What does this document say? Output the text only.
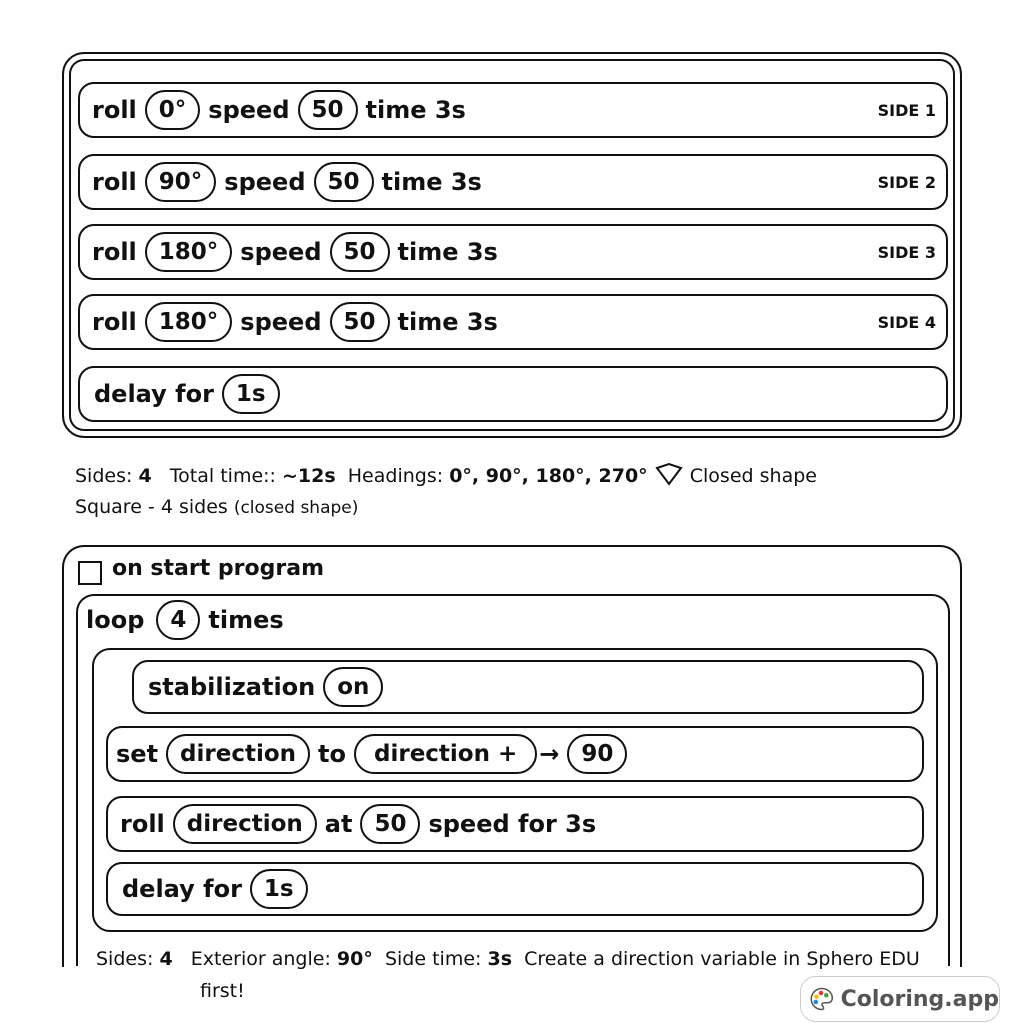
roll 0° speed 50 time 3s	SIDE 1
roll 90° speed 50 time 3s	SIDE 2
roll 180° speed 50 time 3s	SIDE 3
roll 180° speed 50 time 3s	SIDE 4
delay for 1s
Sides: 4 Total time:: ~12s Headings: 0°, 90°, 180°, 270° Closed shape
Square - 4 sides (closed shape)
on start program
loop	4 times
stabilization on
set direction to	direction + → 90
roll direction at 50 speed for 3s
delay for 1s
Sides: 4 Exterior angle: 90° Side time: 3s Create a direction variable in Sphero EDU
first!	Coloring.app
